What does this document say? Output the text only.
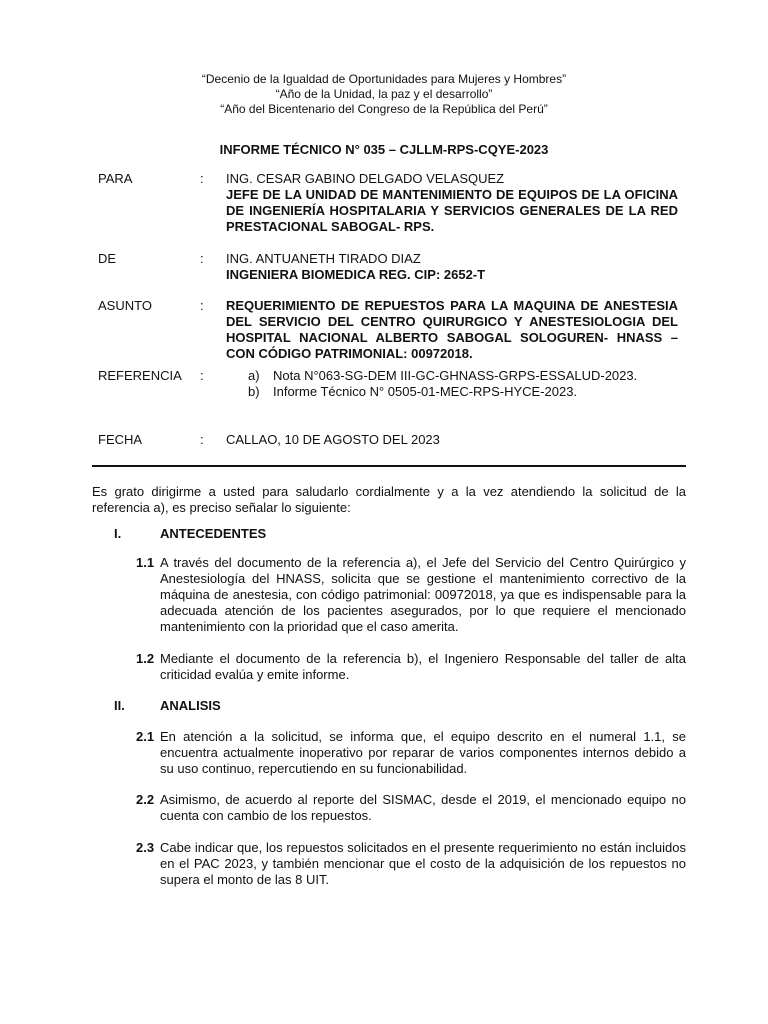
“Decenio de la Igualdad de Oportunidades para Mujeres y Hombres”
“Año de la Unidad, la paz y el desarrollo”
“Año del Bicentenario del Congreso de la República del Perú”
INFORME TÉCNICO N° 035 – CJLLM-RPS-CQYE-2023
PARA	: ING. CESAR GABINO DELGADO VELASQUEZ
JEFE DE LA UNIDAD DE MANTENIMIENTO DE EQUIPOS DE LA OFICINA DE INGENIERÍA HOSPITALARIA Y SERVICIOS GENERALES DE LA RED PRESTACIONAL SABOGAL- RPS.
DE	: ING. ANTUANETH TIRADO DIAZ
INGENIERA BIOMEDICA REG. CIP: 2652-T
ASUNTO	: REQUERIMIENTO DE REPUESTOS PARA LA MAQUINA DE ANESTESIA DEL SERVICIO DEL CENTRO QUIRURGICO Y ANESTESIOLOGIA DEL HOSPITAL NACIONAL ALBERTO SABOGAL SOLOGUREN- HNASS – CON CÓDIGO PATRIMONIAL: 00972018.
REFERENCIA :	a) Nota N°063-SG-DEM III-GC-GHNASS-GRPS-ESSALUD-2023.
b) Informe Técnico N° 0505-01-MEC-RPS-HYCE-2023.
FECHA	: CALLAO, 10 DE AGOSTO DEL 2023
Es grato dirigirme a usted para saludarlo cordialmente y a la vez atendiendo la solicitud de la referencia a), es preciso señalar lo siguiente:
I.	ANTECEDENTES
1.1 A través del documento de la referencia a), el Jefe del Servicio del Centro Quirúrgico y Anestesiología del HNASS, solicita que se gestione el mantenimiento correctivo de la máquina de anestesia, con código patrimonial: 00972018, ya que es indispensable para la adecuada atención de los pacientes asegurados, por lo que requiere el mencionado mantenimiento con la prioridad que el caso amerita.
1.2 Mediante el documento de la referencia b), el Ingeniero Responsable del taller de alta criticidad evalúa y emite informe.
II.	ANALISIS
2.1 En atención a la solicitud, se informa que, el equipo descrito en el numeral 1.1, se encuentra actualmente inoperativo por reparar de varios componentes internos debido a su uso continuo, repercutiendo en su funcionabilidad.
2.2 Asimismo, de acuerdo al reporte del SISMAC, desde el 2019, el mencionado equipo no cuenta con cambio de los repuestos.
2.3 Cabe indicar que, los repuestos solicitados en el presente requerimiento no están incluidos en el PAC 2023, y también mencionar que el costo de la adquisición de los repuestos no supera el monto de las 8 UIT.
